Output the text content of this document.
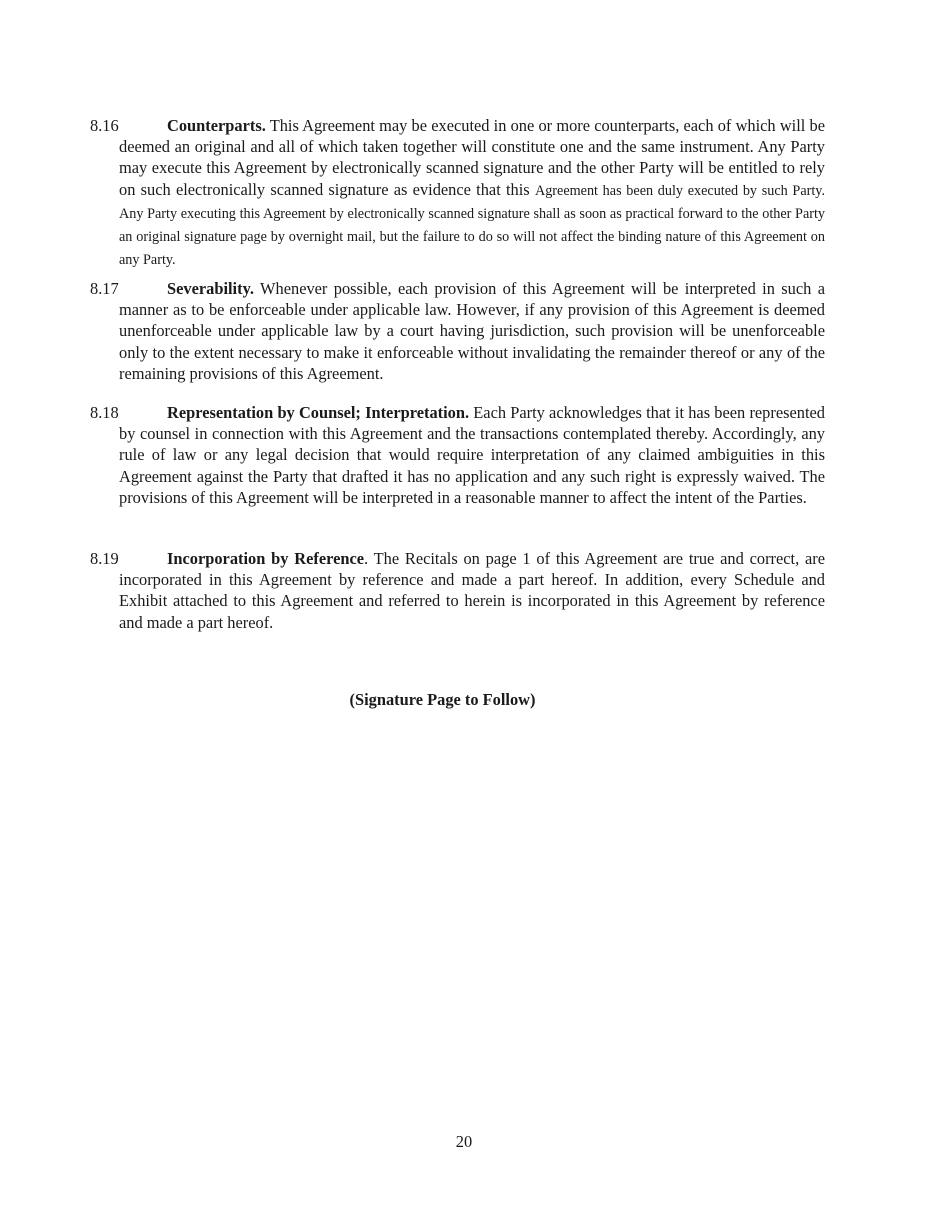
8.16	Counterparts. This Agreement may be executed in one or more counterparts, each of which will be deemed an original and all of which taken together will constitute one and the same instrument. Any Party may execute this Agreement by electronically scanned signature and the other Party will be entitled to rely on such electronically scanned signature as evidence that this Agreement has been duly executed by such Party. Any Party executing this Agreement by electronically scanned signature shall as soon as practical forward to the other Party an original signature page by overnight mail, but the failure to do so will not affect the binding nature of this Agreement on any Party.
8.17	Severability. Whenever possible, each provision of this Agreement will be interpreted in such a manner as to be enforceable under applicable law. However, if any provision of this Agreement is deemed unenforceable under applicable law by a court having jurisdiction, such provision will be unenforceable only to the extent necessary to make it enforceable without invalidating the remainder thereof or any of the remaining provisions of this Agreement.
8.18	Representation by Counsel; Interpretation. Each Party acknowledges that it has been represented by counsel in connection with this Agreement and the transactions contemplated thereby. Accordingly, any rule of law or any legal decision that would require interpretation of any claimed ambiguities in this Agreement against the Party that drafted it has no application and any such right is expressly waived. The provisions of this Agreement will be interpreted in a reasonable manner to affect the intent of the Parties.
8.19	Incorporation by Reference. The Recitals on page 1 of this Agreement are true and correct, are incorporated in this Agreement by reference and made a part hereof. In addition, every Schedule and Exhibit attached to this Agreement and referred to herein is incorporated in this Agreement by reference and made a part hereof.
(Signature Page to Follow)
20
